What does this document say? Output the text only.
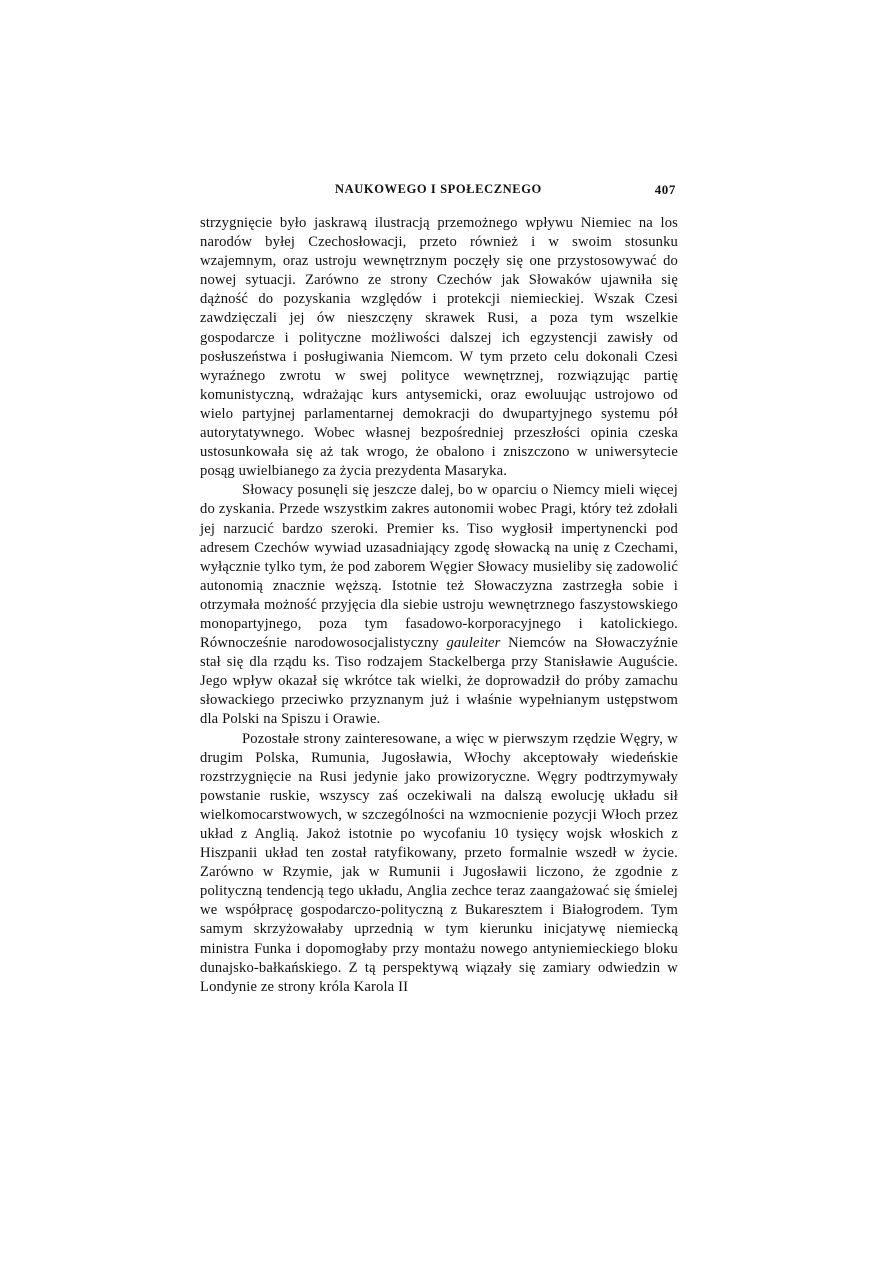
NAUKOWEGO I SPOŁECZNEGO	407

strzygnięcie było jaskrawą ilustracją przemożnego wpływu Niemiec na los narodów byłej Czechosłowacji, przeto również i w swoim stosunku wzajemnym, oraz ustroju wewnętrznym poczęły się one przystosowywać do nowej sytuacji. Zarówno ze strony Czechów jak Słowaków ujawniła się dążność do pozyskania względów i protekcji niemieckiej. Wszak Czesi zawdzięczali jej ów nieszczęny skrawek Rusi, a poza tym wszelkie gospodarcze i polityczne możliwości dalszej ich egzystencji zawisły od posłuszeństwa i posługiwania Niemcom. W tym przeto celu dokonali Czesi wyraźnego zwrotu w swej polityce wewnętrznej, rozwiązując partię komunistyczną, wdrażając kurs antysemicki, oraz ewoluując ustrojowo od wielo partyjnej parlamentarnej demokracji do dwupartyjnego systemu pół autorytatywnego. Wobec własnej bezpośredniej przeszłości opinia czeska ustosunkowała się aż tak wrogo, że obalono i zniszczono w uniwersytecie posąg uwielbianego za życia prezydenta Masaryka.

Słowacy posunęli się jeszcze dalej, bo w oparciu o Niemcy mieli więcej do zyskania. Przede wszystkim zakres autonomii wobec Pragi, który też zdołali jej narzucić bardzo szeroki. Premier ks. Tiso wygłosił impertynencki pod adresem Czechów wywiad uzasadniający zgodę słowacką na unię z Czechami, wyłącznie tylko tym, że pod zaborem Węgier Słowacy musieliby się zadowolić autonomią znacznie węższą. Istotnie też Słowaczyzna zastrzegła sobie i otrzymała możność przyjęcia dla siebie ustroju wewnętrznego faszystowskiego monopartyjnego, poza tym fasadowo-korporacyjnego i katolickiego. Równocześnie narodowosocjalistyczny gauleiter Niemców na Słowaczyźnie stał się dla rządu ks. Tiso rodzajem Stackelberga przy Stanisławie Auguście. Jego wpływ okazał się wkrótce tak wielki, że doprowadził do próby zamachu słowackiego przeciwko przyznanym już i właśnie wypełnianym ustępstwom dla Polski na Spiszu i Orawie.

Pozostałe strony zainteresowane, a więc w pierwszym rzędzie Węgry, w drugim Polska, Rumunia, Jugosławia, Włochy akceptowały wiedeńskie rozstrzygnięcie na Rusi jedynie jako prowizoryczne. Węgry podtrzymywały powstanie ruskie, wszyscy zaś oczekiwali na dalszą ewolucję układu sił wielkomocarstwowych, w szczególności na wzmocnienie pozycji Włoch przez układ z Anglią. Jakoż istotnie po wycofaniu 10 tysięcy wojsk włoskich z Hiszpanii układ ten został ratyfikowany, przeto formalnie wszedł w życie. Zarówno w Rzymie, jak w Rumunii i Jugosławii liczono, że zgodnie z polityczną tendencją tego układu, Anglia zechce teraz zaangażować się śmielej we współpracę gospodarczo-polityczną z Bukaresztem i Białogrodem. Tym samym skrzyżowałaby uprzednią w tym kierunku inicjatywę niemiecką ministra Funka i dopomogłaby przy montażu nowego antyniemieckiego bloku dunajsko-bałkańskiego. Z tą perspektywą wiązały się zamiary odwiedzin w Londynie ze strony króla Karola II
